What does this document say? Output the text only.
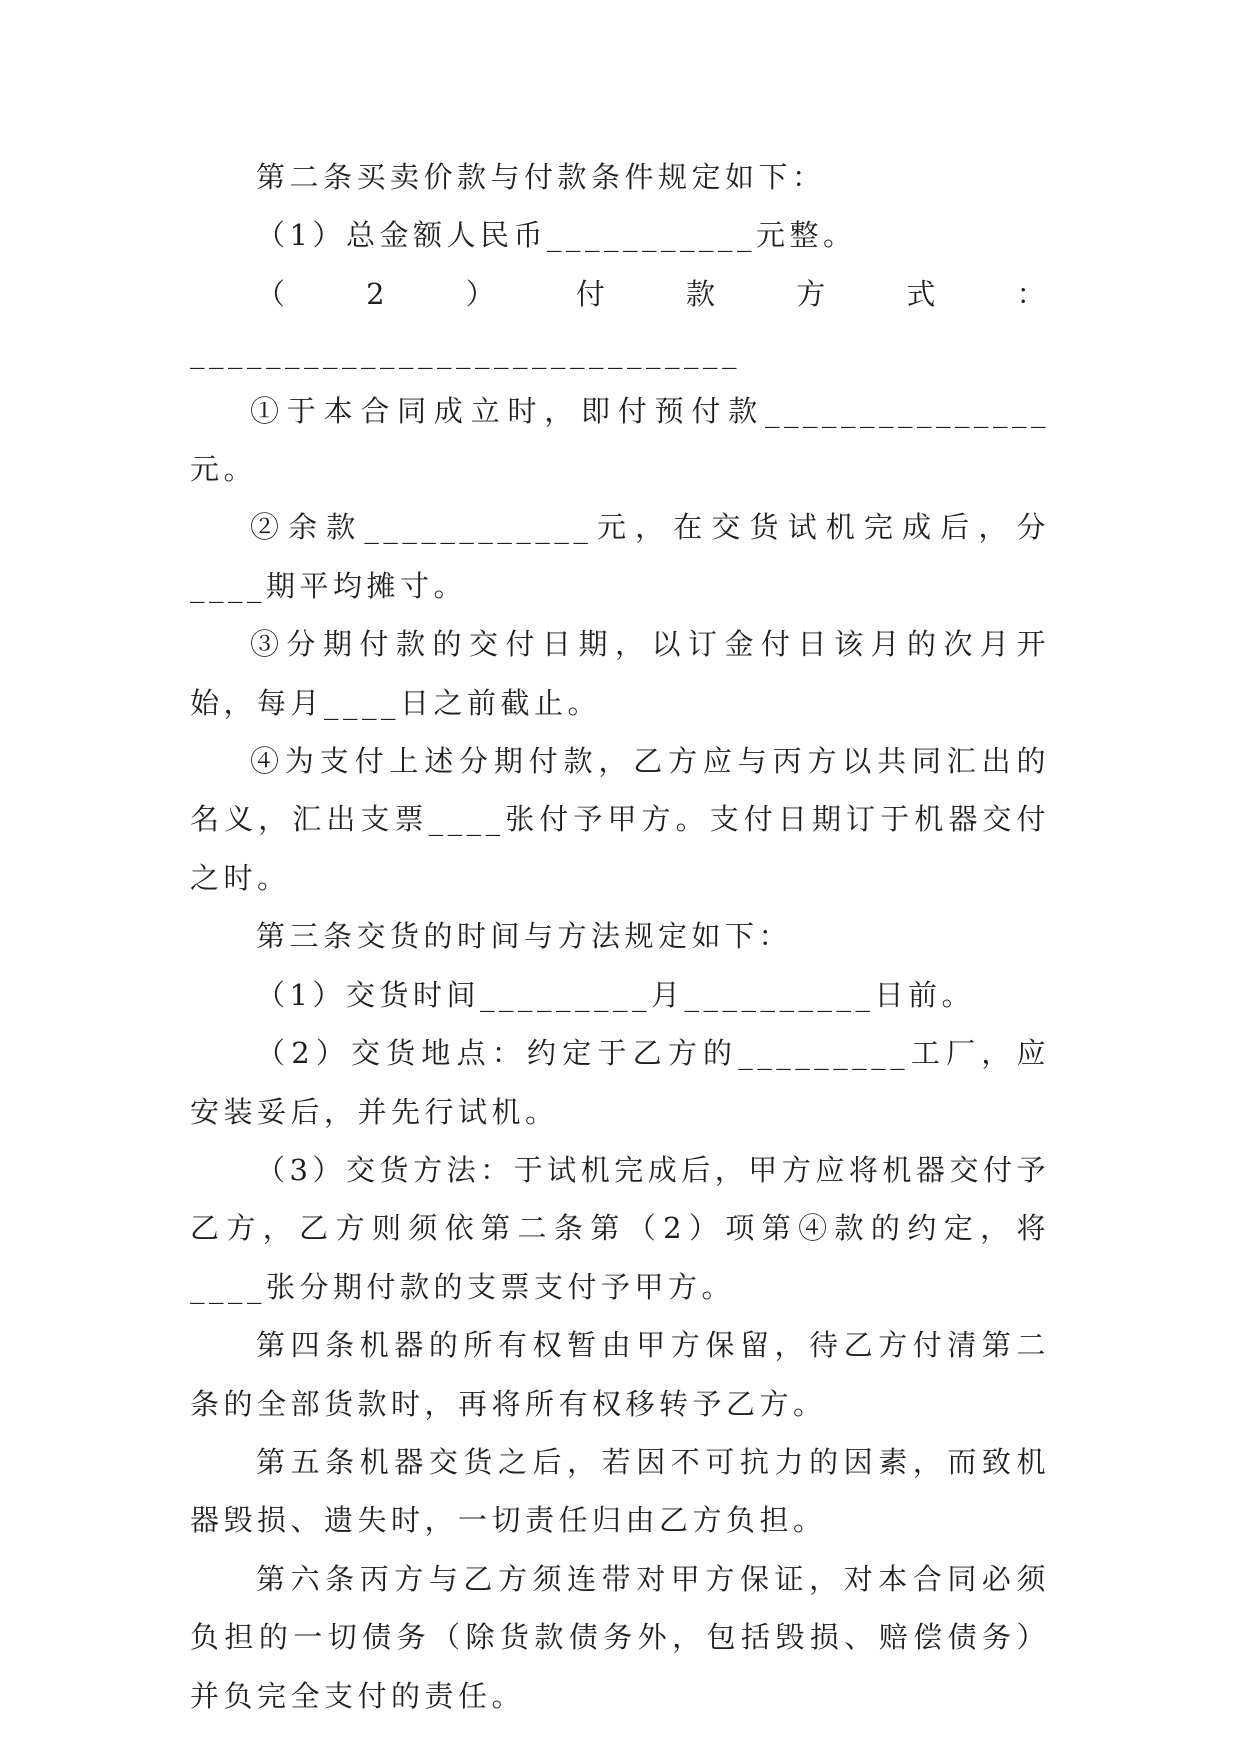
第二条买卖价款与付款条件规定如下：

（1）总金额人民币___________元整。

（2）付款方式：_____________________________

①于本合同成立时，即付预付款_______________元。

②余款____________元，在交货试机完成后，分____期平均摊寸。

③分期付款的交付日期，以订金付日该月的次月开始，每月____日之前截止。

④为支付上述分期付款，乙方应与丙方以共同汇出的名义，汇出支票____张付予甲方。支付日期订于机器交付之时。

第三条交货的时间与方法规定如下：

（1）交货时间_________月__________日前。

（2）交货地点：约定于乙方的_________工厂，应安装妥后，并先行试机。

（3）交货方法：于试机完成后，甲方应将机器交付予乙方，乙方则须依第二条第（2）项第④款的约定，将____张分期付款的支票支付予甲方。

第四条机器的所有权暂由甲方保留，待乙方付清第二条的全部货款时，再将所有权移转予乙方。

第五条机器交货之后，若因不可抗力的因素，而致机器毁损、遗失时，一切责任归由乙方负担。

第六条丙方与乙方须连带对甲方保证，对本合同必须负担的一切债务（除货款债务外，包括毁损、赔偿债务）并负完全支付的责任。
